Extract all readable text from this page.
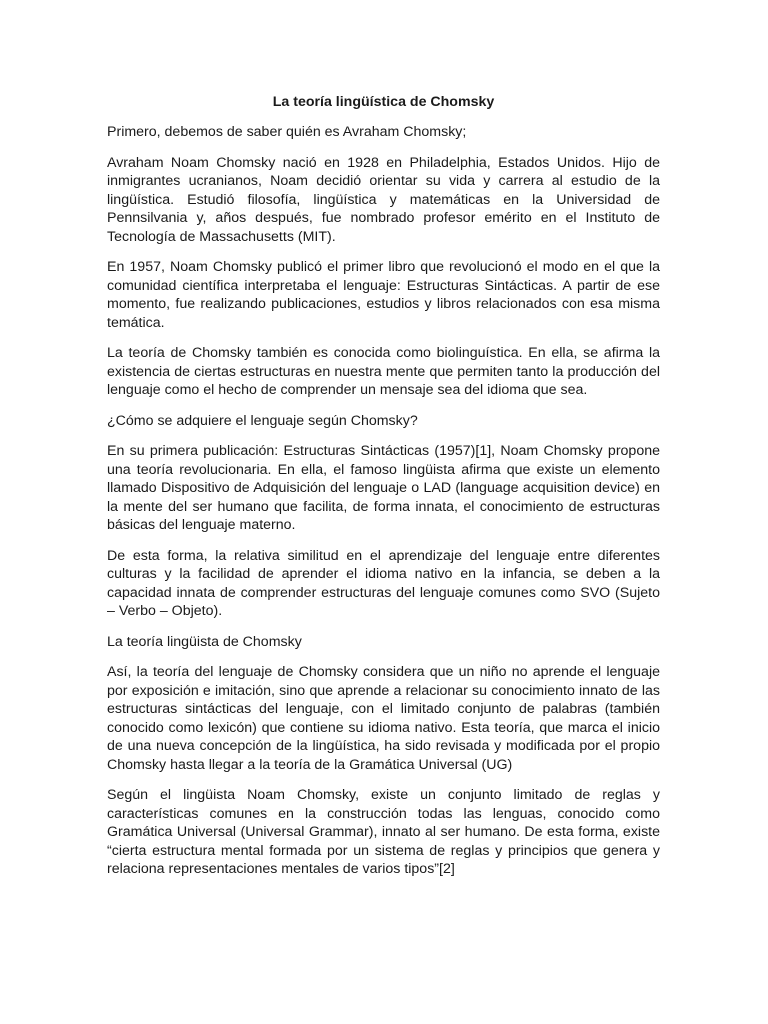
La teoría lingüística de Chomsky

Primero, debemos de saber quién es Avraham Chomsky;

Avraham Noam Chomsky nació en 1928 en Philadelphia, Estados Unidos. Hijo de inmigrantes ucranianos, Noam decidió orientar su vida y carrera al estudio de la lingüística. Estudió filosofía, lingüística y matemáticas en la Universidad de Pennsilvania y, años después, fue nombrado profesor emérito en el Instituto de Tecnología de Massachusetts (MIT).

En 1957, Noam Chomsky publicó el primer libro que revolucionó el modo en el que la comunidad científica interpretaba el lenguaje: Estructuras Sintácticas. A partir de ese momento, fue realizando publicaciones, estudios y libros relacionados con esa misma temática.

La teoría de Chomsky también es conocida como biolinguística. En ella, se afirma la existencia de ciertas estructuras en nuestra mente que permiten tanto la producción del lenguaje como el hecho de comprender un mensaje sea del idioma que sea.

¿Cómo se adquiere el lenguaje según Chomsky?

En su primera publicación: Estructuras Sintácticas (1957)[1], Noam Chomsky propone una teoría revolucionaria. En ella, el famoso lingüista afirma que existe un elemento llamado Dispositivo de Adquisición del lenguaje o LAD (language acquisition device) en la mente del ser humano que facilita, de forma innata, el conocimiento de estructuras básicas del lenguaje materno.

De esta forma, la relativa similitud en el aprendizaje del lenguaje entre diferentes culturas y la facilidad de aprender el idioma nativo en la infancia, se deben a la capacidad innata de comprender estructuras del lenguaje comunes como SVO (Sujeto – Verbo – Objeto).

La teoría lingüista de Chomsky

Así, la teoría del lenguaje de Chomsky considera que un niño no aprende el lenguaje por exposición e imitación, sino que aprende a relacionar su conocimiento innato de las estructuras sintácticas del lenguaje, con el limitado conjunto de palabras (también conocido como lexicón) que contiene su idioma nativo. Esta teoría, que marca el inicio de una nueva concepción de la lingüística, ha sido revisada y modificada por el propio Chomsky hasta llegar a la teoría de la Gramática Universal (UG)

Según el lingüista Noam Chomsky, existe un conjunto limitado de reglas y características comunes en la construcción todas las lenguas, conocido como Gramática Universal (Universal Grammar), innato al ser humano. De esta forma, existe “cierta estructura mental formada por un sistema de reglas y principios que genera y relaciona representaciones mentales de varios tipos”[2]
